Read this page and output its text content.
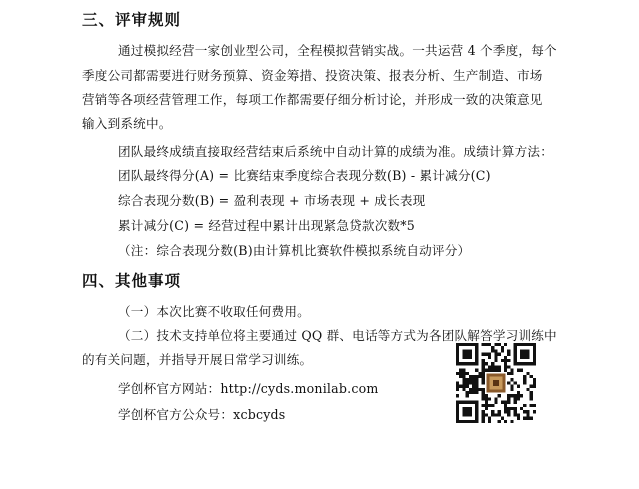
三、评审规则
通过模拟经营一家创业型公司，全程模拟营销实战。一共运营 4 个季度，每个
季度公司都需要进行财务预算、资金筹措、投资决策、报表分析、生产制造、市场
营销等各项经营管理工作，每项工作都需要仔细分析讨论，并形成一致的决策意见
输入到系统中。
团队最终成绩直接取经营结束后系统中自动计算的成绩为准。成绩计算方法：
团队最终得分(A) = 比赛结束季度综合表现分数(B) - 累计减分(C)
综合表现分数(B) = 盈利表现 + 市场表现 + 成长表现
累计减分(C) = 经营过程中累计出现紧急贷款次数*5
（注：综合表现分数(B)由计算机比赛软件模拟系统自动评分）
四、其他事项
（一）本次比赛不收取任何费用。
（二）技术支持单位将主要通过 QQ 群、电话等方式为各团队解答学习训练中
的有关问题，并指导开展日常学习训练。
学创杯官方网站：http://cyds.monilab.com
学创杯官方公众号：xcbcyds
